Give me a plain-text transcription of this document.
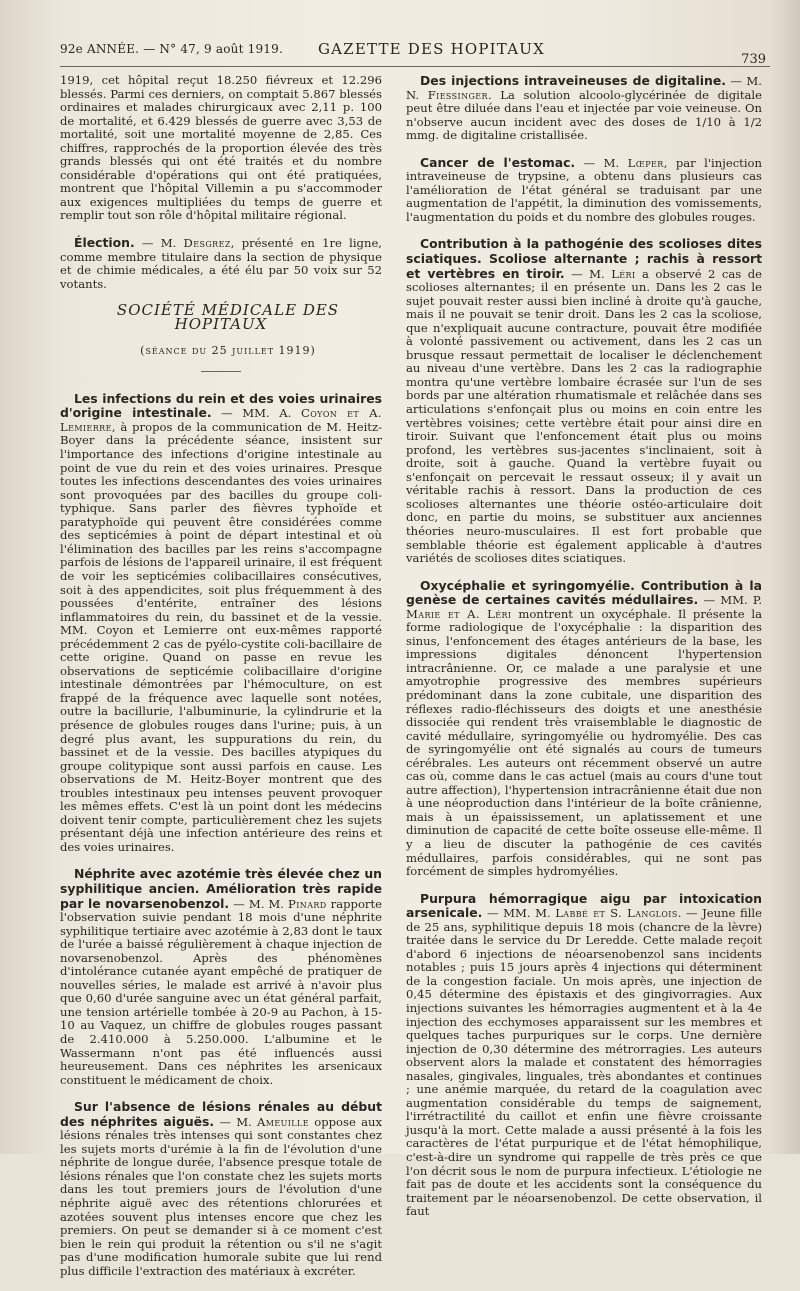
92e ANNÉE. — N° 47, 9 août 1919. GAZETTE DES HOPITAUX
739

1919, cet hôpital reçut 18.250 fiévreux et 12.296 blessés. Parmi ces derniers, on comptait 5.867 blessés ordinaires et malades chirurgicaux avec 2,11 p. 100 de mortalité, et 6.429 blessés de guerre avec 3,53 de mortalité, soit une mortalité moyenne de 2,85. Ces chiffres, rapprochés de la proportion élevée des très grands blessés qui ont été traités et du nombre considérable d'opérations qui ont été pratiquées, montrent que l'hôpital Villemin a pu s'accommoder aux exigences multipliées du temps de guerre et remplir tout son rôle d'hôpital militaire régional.

Élection. — M. Desgrez, présenté en 1re ligne, comme membre titulaire dans la section de physique et de chimie médicales, a été élu par 50 voix sur 52 votants.

SOCIÉTÉ MÉDICALE DES HOPITAUX

(séance du 25 juillet 1919)

Les infections du rein et des voies urinaires d'origine intestinale. — MM. A. Coyon et A. Lemierre, à propos de la communication de M. Heitz-Boyer dans la précédente séance, insistent sur l'importance des infections d'origine intestinale au point de vue du rein et des voies urinaires. Presque toutes les infections descendantes des voies urinaires sont provoquées par des bacilles du groupe coli-typhique. Sans parler des fièvres typhoïde et paratyphoïde qui peuvent être considérées comme des septicémies à point de départ intestinal et où l'élimination des bacilles par les reins s'accompagne parfois de lésions de l'appareil urinaire, il est fréquent de voir les septicémies colibacillaires consécutives, soit à des appendicites, soit plus fréquemment à des poussées d'entérite, entraîner des lésions inflammatoires du rein, du bassinet et de la vessie. MM. Coyon et Lemierre ont eux-mêmes rapporté précédemment 2 cas de pyélo-cystite coli-bacillaire de cette origine. Quand on passe en revue les observations de septicémie colibacillaire d'origine intestinale démontrées par l'hémoculture, on est frappé de la fréquence avec laquelle sont notées, outre la bacillurie, l'albuminurie, la cylindrurie et la présence de globules rouges dans l'urine; puis, à un degré plus avant, les suppurations du rein, du bassinet et de la vessie. Des bacilles atypiques du groupe colitypique sont aussi parfois en cause. Les observations de M. Heitz-Boyer montrent que des troubles intestinaux peu intenses peuvent provoquer les mêmes effets. C'est là un point dont les médecins doivent tenir compte, particulièrement chez les sujets présentant déjà une infection antérieure des reins et des voies urinaires.

Néphrite avec azotémie très élevée chez un syphilitique ancien. Amélioration très rapide par le novarsenobenzol. — M. M. Pinard rapporte l'observation suivie pendant 18 mois d'une néphrite syphilitique tertiaire avec azotémie à 2,83 dont le taux de l'urée a baissé régulièrement à chaque injection de novarsenobenzol. Après des phénomènes d'intolérance cutanée ayant empêché de pratiquer de nouvelles séries, le malade est arrivé à n'avoir plus que 0,60 d'urée sanguine avec un état général parfait, une tension artérielle tombée à 20-9 au Pachon, à 15-10 au Vaquez, un chiffre de globules rouges passant de 2.410.000 à 5.250.000. L'albumine et le Wassermann n'ont pas été influencés aussi heureusement. Dans ces néphrites les arsenicaux constituent le médicament de choix.

Sur l'absence de lésions rénales au début des néphrites aiguës. — M. Ameuille oppose aux lésions rénales très intenses qui sont constantes chez les sujets morts d'urémie à la fin de l'évolution d'une néphrite de longue durée, l'absence presque totale de lésions rénales que l'on constate chez les sujets morts dans les tout premiers jours de l'évolution d'une néphrite aiguë avec des rétentions chlorurées et azotées souvent plus intenses encore que chez les premiers. On peut se demander si à ce moment c'est bien le rein qui produit la rétention ou s'il ne s'agit pas d'une modification humorale subite que lui rend plus difficile l'extraction des matériaux à excréter.

Des injections intraveineuses de digitaline. — M. N. Fiessinger. La solution alcoolo-glycérinée de digitale peut être diluée dans l'eau et injectée par voie veineuse. On n'observe aucun incident avec des doses de 1/10 à 1/2 mmg. de digitaline cristallisée.

Cancer de l'estomac. — M. Lœper, par l'injection intraveineuse de trypsine, a obtenu dans plusieurs cas l'amélioration de l'état général se traduisant par une augmentation de l'appétit, la diminution des vomissements, l'augmentation du poids et du nombre des globules rouges.

Contribution à la pathogénie des scolioses dites sciatiques. Scoliose alternante ; rachis à ressort et vertèbres en tiroir. — M. Léri a observé 2 cas de scolioses alternantes; il en présente un. Dans les 2 cas le sujet pouvait rester aussi bien incliné à droite qu'à gauche, mais il ne pouvait se tenir droit. Dans les 2 cas la scoliose, que n'expliquait aucune contracture, pouvait être modifiée à volonté passivement ou activement, dans les 2 cas un brusque ressaut permettait de localiser le déclenchement au niveau d'une vertèbre. Dans les 2 cas la radiographie montra qu'une vertèbre lombaire écrasée sur l'un de ses bords par une altération rhumatismale et relâchée dans ses articulations s'enfonçait plus ou moins en coin entre les vertèbres voisines; cette vertèbre était pour ainsi dire en tiroir. Suivant que l'enfoncement était plus ou moins profond, les vertèbres sus-jacentes s'inclinaient, soit à droite, soit à gauche. Quand la vertèbre fuyait ou s'enfonçait on percevait le ressaut osseux; il y avait un véritable rachis à ressort. Dans la production de ces scolioses alternantes une théorie ostéo-articulaire doit donc, en partie du moins, se substituer aux anciennes théories neuro-musculaires. Il est fort probable que semblable théorie est également applicable à d'autres variétés de scolioses dites sciatiques.

Oxycéphalie et syringomyélie. Contribution à la genèse de certaines cavités médullaires. — MM. P. Marie et A. Léri montrent un oxycéphale. Il présente la forme radiologique de l'oxycéphalie : la disparition des sinus, l'enfoncement des étages antérieurs de la base, les impressions digitales dénoncent l'hypertension intracrânienne. Or, ce malade a une paralysie et une amyotrophie progressive des membres supérieurs prédominant dans la zone cubitale, une disparition des réflexes radio-fléchisseurs des doigts et une anesthésie dissociée qui rendent très vraisemblable le diagnostic de cavité médullaire, syringomyélie ou hydromyélie. Des cas de syringomyélie ont été signalés au cours de tumeurs cérébrales. Les auteurs ont récemment observé un autre cas où, comme dans le cas actuel (mais au cours d'une tout autre affection), l'hypertension intracrânienne était due non à une néoproduction dans l'intérieur de la boîte crânienne, mais à un épaississement, un aplatissement et une diminution de capacité de cette boîte osseuse elle-même. Il y a lieu de discuter la pathogénie de ces cavités médullaires, parfois considérables, qui ne sont pas forcément de simples hydromyélies.

Purpura hémorragique aigu par intoxication arsenicale. — MM. M. Labbé et S. Langlois. — Jeune fille de 25 ans, syphilitique depuis 18 mois (chancre de la lèvre) traitée dans le service du Dr Leredde. Cette malade reçoit d'abord 6 injections de néoarsenobenzol sans incidents notables ; puis 15 jours après 4 injections qui déterminent de la congestion faciale. Un mois après, une injection de 0,45 détermine des épistaxis et des gingivorragies. Aux injections suivantes les hémorragies augmentent et à la 4e injection des ecchymoses apparaissent sur les membres et quelques taches purpuriques sur le corps. Une dernière injection de 0,30 détermine des métrorragies. Les auteurs observent alors la malade et constatent des hémorragies nasales, gingivales, linguales, très abondantes et continues ; une anémie marquée, du retard de la coagulation avec augmentation considérable du temps de saignement, l'irrétractilité du caillot et enfin une fièvre croissante jusqu'à la mort. Cette malade a aussi présenté à la fois les caractères de l'état purpurique et de l'état hémophilique, c'est-à-dire un syndrome qui rappelle de très près ce que l'on décrit sous le nom de purpura infectieux. L'étiologie ne fait pas de doute et les accidents sont la conséquence du traitement par le néoarsenobenzol. De cette observation, il faut
